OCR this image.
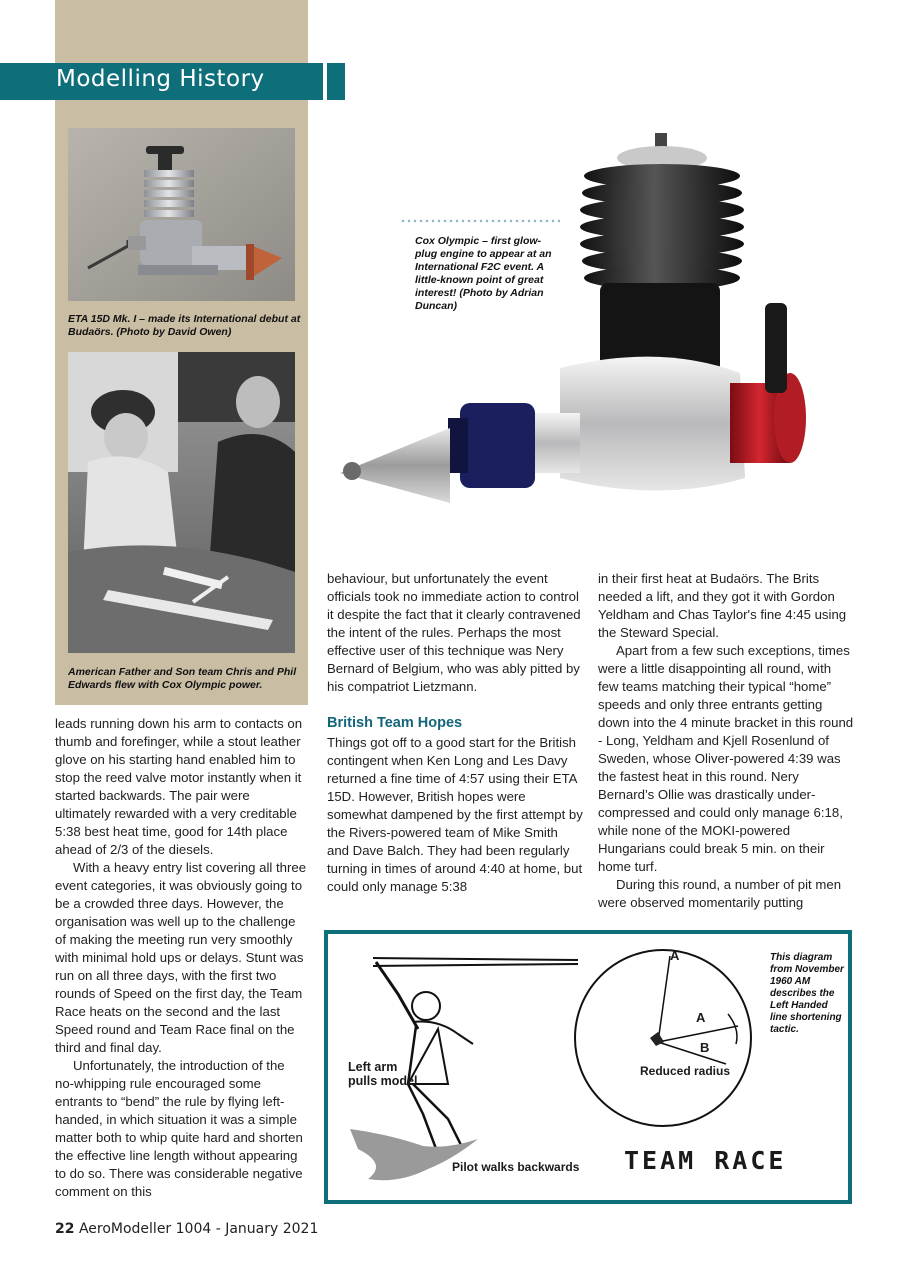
Modelling History
ETA 15D Mk. I – made its International debut at Budaörs. (Photo by David Owen)
American Father and Son team Chris and Phil Edwards flew with Cox Olympic power.
Cox Olympic – first glow-plug engine to appear at an International F2C event. A little-known point of great interest! (Photo by Adrian Duncan)

leads running down his arm to contacts on thumb and forefinger, while a stout leather glove on his starting hand enabled him to stop the reed valve motor instantly when it started backwards. The pair were ultimately rewarded with a very creditable 5:38 best heat time, good for 14th place ahead of 2/3 of the diesels.

With a heavy entry list covering all three event categories, it was obviously going to be a crowded three days. However, the organisation was well up to the challenge of making the meeting run very smoothly with minimal hold ups or delays. Stunt was run on all three days, with the first two rounds of Speed on the first day, the Team Race heats on the second and the last Speed round and Team Race final on the third and final day.

Unfortunately, the introduction of the no-whipping rule encouraged some entrants to “bend” the rule by flying left-handed, in which situation it was a simple matter both to whip quite hard and shorten the effective line length without appearing to do so. There was considerable negative comment on this

behaviour, but unfortunately the event officials took no immediate action to control it despite the fact that it clearly contravened the intent of the rules. Perhaps the most effective user of this technique was Nery Bernard of Belgium, who was ably pitted by his compatriot Lietzmann.

British Team Hopes

Things got off to a good start for the British contingent when Ken Long and Les Davy returned a fine time of 4:57 using their ETA 15D. However, British hopes were somewhat dampened by the first attempt by the Rivers-powered team of Mike Smith and Dave Balch. They had been regularly turning in times of around 4:40 at home, but could only manage 5:38

in their first heat at Budaörs. The Brits needed a lift, and they got it with Gordon Yeldham and Chas Taylor's fine 4:45 using the Steward Special.

Apart from a few such exceptions, times were a little disappointing all round, with few teams matching their typical “home” speeds and only three entrants getting down into the 4 minute bracket in this round - Long, Yeldham and Kjell Rosenlund of Sweden, whose Oliver-powered 4:39 was the fastest heat in this round. Nery Bernard’s Ollie was drastically under-compressed and could only manage 6:18, while none of the MOKI-powered Hungarians could break 5 min. on their home turf.

During this round, a number of pit men were observed momentarily putting

A
A
B
Reduced radius
Left arm
pulls model
Pilot walks backwards TEAM RACE
This diagram from November 1960 AM describes the Left Handed line shortening tactic.
22 AeroModeller 1004 - January 2021
